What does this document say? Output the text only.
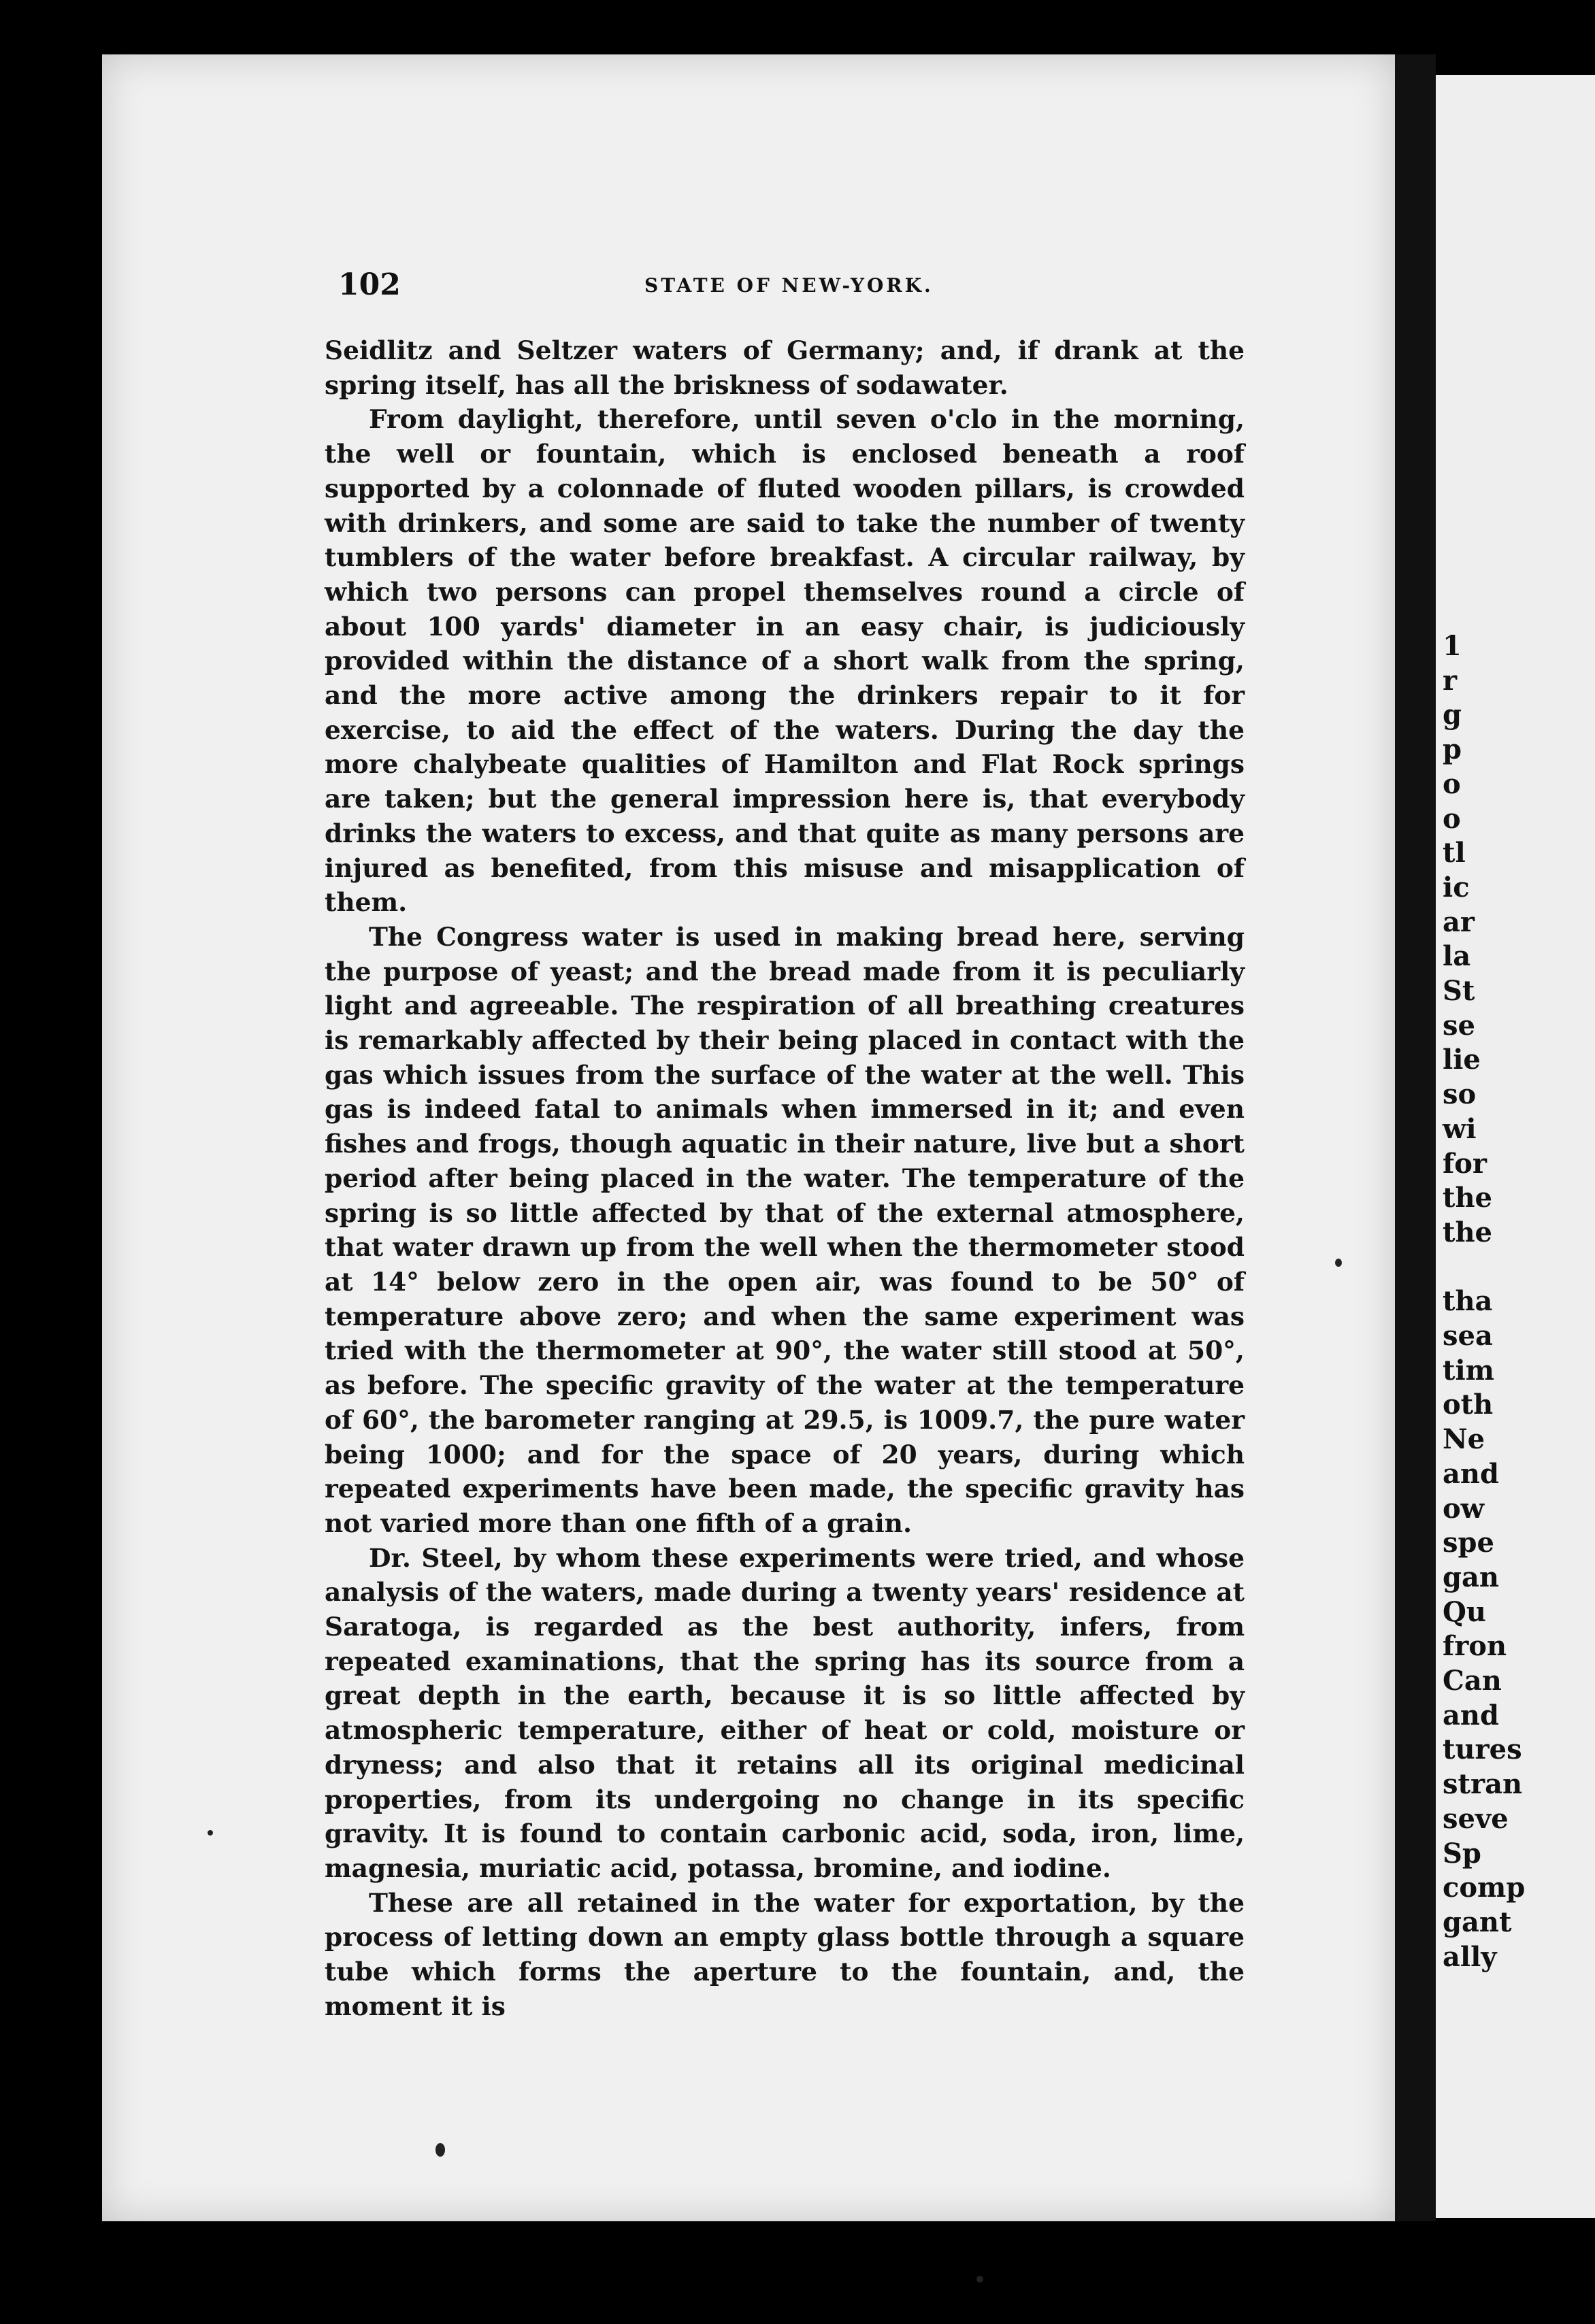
1
r
g
p
o
o
tl
ic
ar
la
St
se
lie
so
wi
for
the
the
tha
sea
tim
oth
Ne
and
ow
spe
gan
Qu
fron
Can
and
tures
stran
seve
Sp
comp
gant
ally
102	STATE OF NEW-YORK.

Seidlitz and Seltzer waters of Germany; and, if drank at the spring itself, has all the briskness of sodawater.

From daylight, therefore, until seven o'clo in the morning, the well or fountain, which is enclosed beneath a roof supported by a colonnade of fluted wooden pillars, is crowded with drinkers, and some are said to take the number of twenty tumblers of the water before breakfast. A circular railway, by which two persons can propel themselves round a circle of about 100 yards' diameter in an easy chair, is judiciously provided within the distance of a short walk from the spring, and the more active among the drinkers repair to it for exercise, to aid the effect of the waters. During the day the more chalybeate qualities of Hamilton and Flat Rock springs are taken; but the general impression here is, that everybody drinks the waters to excess, and that quite as many persons are injured as benefited, from this misuse and misapplication of them.

The Congress water is used in making bread here, serving the purpose of yeast; and the bread made from it is peculiarly light and agreeable. The respiration of all breathing creatures is remarkably affected by their being placed in contact with the gas which issues from the surface of the water at the well. This gas is indeed fatal to animals when immersed in it; and even fishes and frogs, though aquatic in their nature, live but a short period after being placed in the water. The temperature of the spring is so little affected by that of the external atmosphere, that water drawn up from the well when the thermometer stood at 14° below zero in the open air, was found to be 50° of temperature above zero; and when the same experiment was tried with the thermometer at 90°, the water still stood at 50°, as before. The specific gravity of the water at the temperature of 60°, the barometer ranging at 29.5, is 1009.7, the pure water being 1000; and for the space of 20 years, during which repeated experiments have been made, the specific gravity has not varied more than one fifth of a grain.

Dr. Steel, by whom these experiments were tried, and whose analysis of the waters, made during a twenty years' residence at Saratoga, is regarded as the best authority, infers, from repeated examinations, that the spring has its source from a great depth in the earth, because it is so little affected by atmospheric temperature, either of heat or cold, moisture or dryness; and also that it retains all its original medicinal properties, from its undergoing no change in its specific gravity. It is found to contain carbonic acid, soda, iron, lime, magnesia, muriatic acid, potassa, bromine, and iodine.

These are all retained in the water for exportation, by the process of letting down an empty glass bottle through a square tube which forms the aperture to the fountain, and, the moment it is
